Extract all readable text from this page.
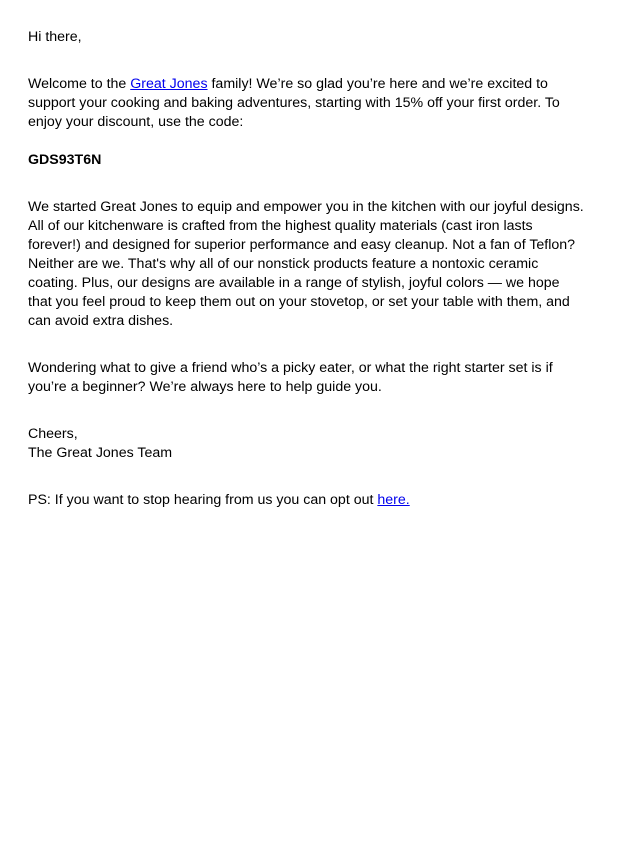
Hi there,

Welcome to the Great Jones family! We’re so glad you’re here and we’re excited to support your cooking and baking adventures, starting with 15% off your first order. To enjoy your discount, use the code:

GDS93T6N

We started Great Jones to equip and empower you in the kitchen with our joyful designs. All of our kitchenware is crafted from the highest quality materials (cast iron lasts forever!) and designed for superior performance and easy cleanup. Not a fan of Teflon? Neither are we. That's why all of our nonstick products feature a nontoxic ceramic coating. Plus, our designs are available in a range of stylish, joyful colors — we hope that you feel proud to keep them out on your stovetop, or set your table with them, and can avoid extra dishes.

Wondering what to give a friend who’s a picky eater, or what the right starter set is if you’re a beginner? We’re always here to help guide you.

Cheers,

The Great Jones Team

PS: If you want to stop hearing from us you can opt out here.
